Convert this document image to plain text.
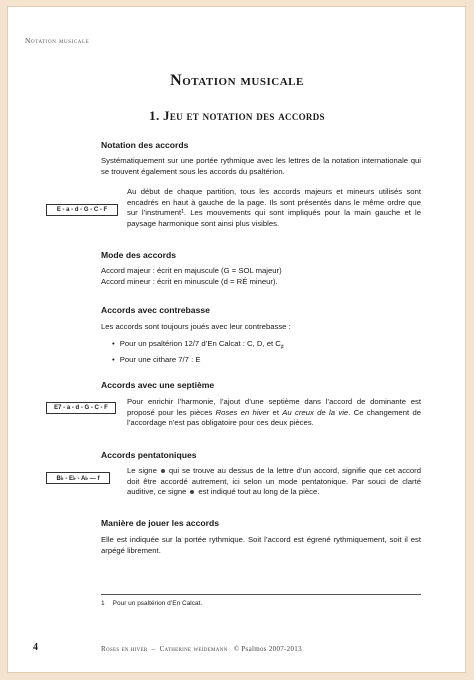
Notation musicale
Notation musicale
1. Jeu et notation des accords
Notation des accords
Systématiquement sur une portée rythmique avec les lettres de la notation internationale qui se trouvent également sous les accords du psaltérion.
E - a - d - G - C - F
Au début de chaque partition, tous les accords majeurs et mineurs utilisés sont encadrés en haut à gauche de la page. Ils sont présentés dans le même ordre que sur l’instrument$^1$. Les mouvements qui sont impliqués pour la main gauche et le paysage harmonique sont ainsi plus visibles.
Mode des accords
Accord majeur : écrit en majuscule (G = SOL majeur)
Accord mineur : écrit en minuscule (d = RÉ mineur).
Accords avec contrebasse
Les accords sont toujours joués avec leur contrebasse :
• Pour un psaltérion 12/7 d’En Calcat : C, D, et $C_♯$
• Pour une cithare 7/7 : E
Accords avec une septième
E7 - a - d - G - C - F
Pour enrichir l’harmonie, l’ajout d’une septième dans l’accord de dominante est proposé pour les pièces Roses en hiver et Au creux de la vie. Ce changement de l’accordage n’est pas obligatoire pour ces deux pièces.
Accords pentatoniques
B♭ - E♭ - A♭ — f
Le signe qui se trouve au dessus de la lettre d’un accord, signifie que cet accord doit être accordé autrement, ici selon un mode pentatonique. Par souci de clarté auditive, ce signe est indiqué tout au long de la pièce.
Manière de jouer les accords
Elle est indiquée sur la portée rythmique. Soit l’accord est égrené rythmiquement, soit il est arpégé librement.
1 Pour un psaltérion d’En Calcat.
4	Roses en hiver – Catherine weidemann © Psalmos 2007-2013
